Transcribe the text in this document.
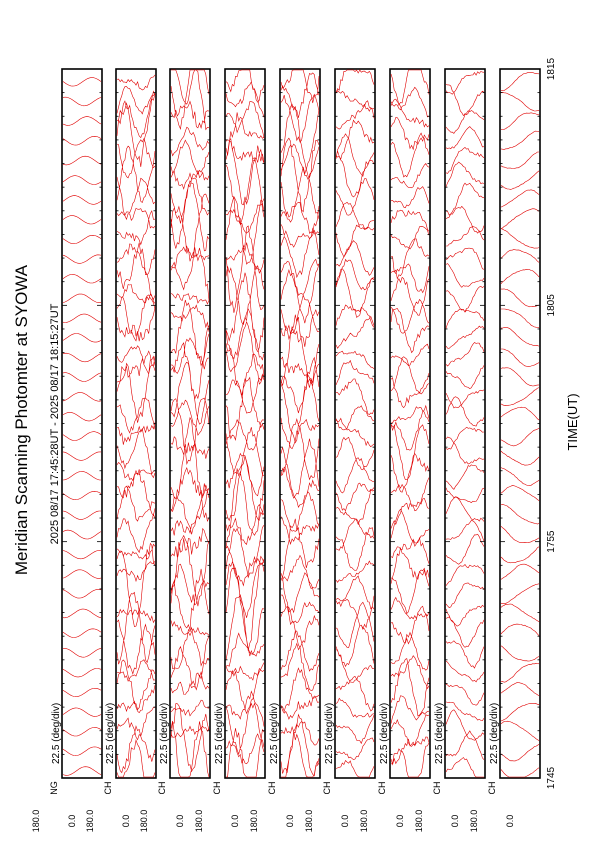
Meridian Scanning Photomter at SYOWA 2025 08/17 17:45:28UT - 2025 08/17 18:15:27UT	TIME(UT)
1745
1755
1805
1815
22.5 (deg/div)
180.0	0.0
NG
22.5 (deg/div)
180.0	0.0
CH
22.5 (deg/div)
180.0	0.0
CH
22.5 (deg/div)
180.0	0.0
CH
22.5 (deg/div)
180.0	0.0
CH
22.5 (deg/div)
180.0	0.0
CH
22.5 (deg/div)
180.0	0.0
CH
22.5 (deg/div)
180.0	0.0
CH
22.5 (deg/div)
180.0	0.0
CH
